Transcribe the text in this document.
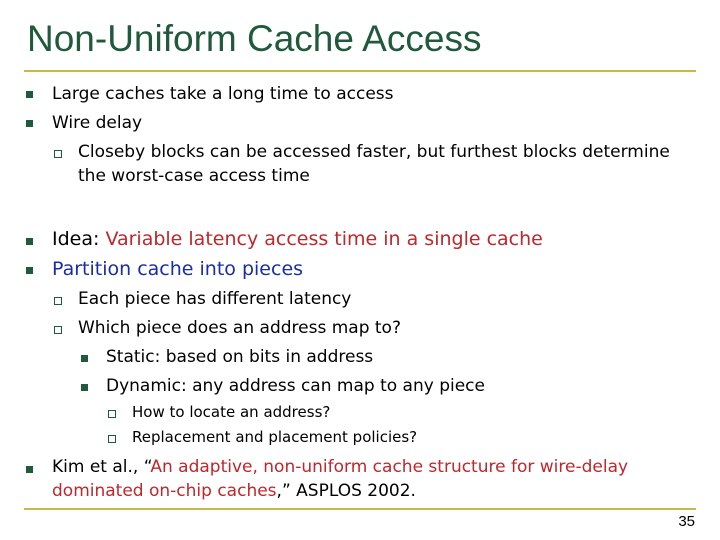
Non-Uniform Cache Access
Large caches take a long time to access
Wire delay
Closeby blocks can be accessed faster, but furthest blocks determine
the worst-case access time
Idea: Variable latency access time in a single cache
Partition cache into pieces
Each piece has different latency
Which piece does an address map to?
Static: based on bits in address
Dynamic: any address can map to any piece
How to locate an address?
Replacement and placement policies?
Kim et al., “An adaptive, non-uniform cache structure for wire-delay
dominated on-chip caches,” ASPLOS 2002.
35
